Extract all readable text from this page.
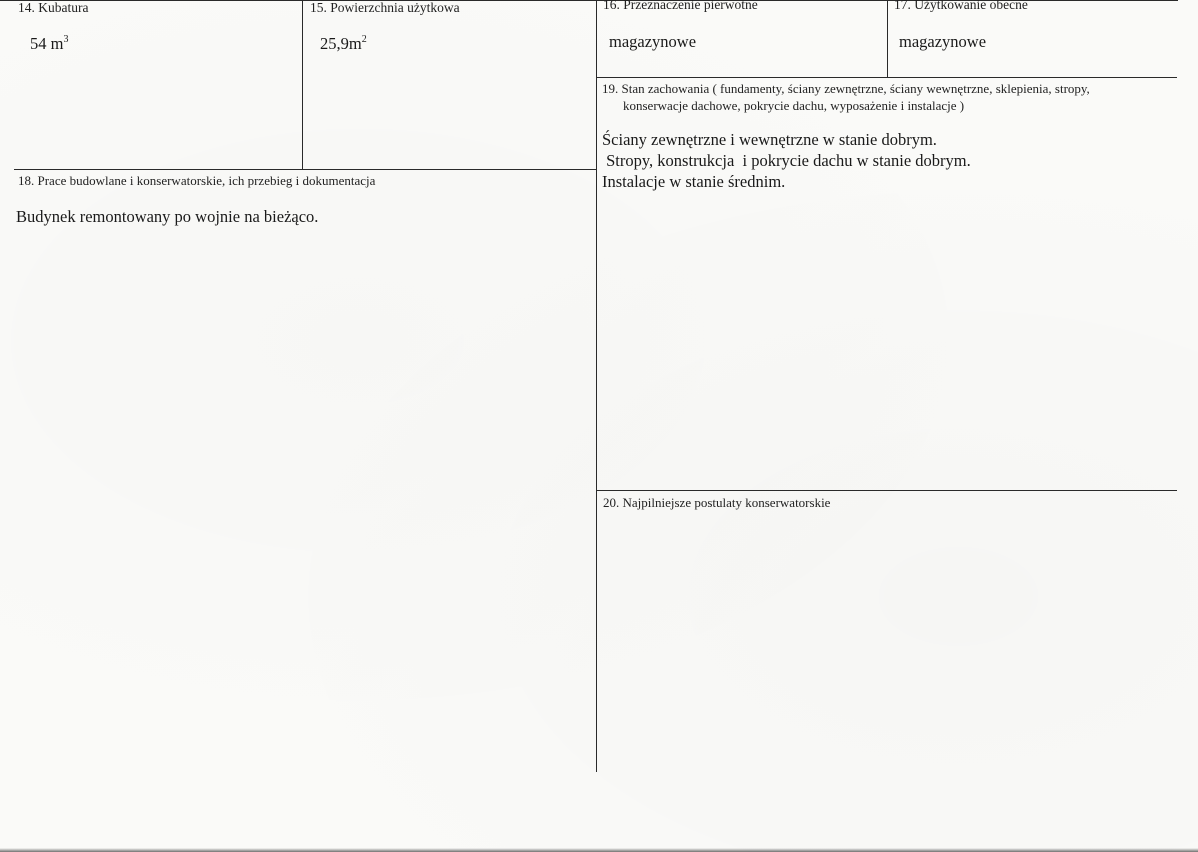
14. Kubatura
54 $m^3$
15. Powierzchnia użytkowa
$25,9m^2$
16. Przeznaczenie pierwotne
magazynowe
17. Użytkowanie obecne
magazynowe
19. Stan zachowania ( fundamenty, ściany zewnętrzne, ściany wewnętrzne, sklepienia, stropy,
konserwacje dachowe, pokrycie dachu, wyposażenie i instalacje )
Ściany zewnętrzne i wewnętrzne w stanie dobrym.
Stropy, konstrukcja  i pokrycie dachu w stanie dobrym.
Instalacje w stanie średnim.
18. Prace budowlane i konserwatorskie, ich przebieg i dokumentacja
Budynek remontowany po wojnie na bieżąco.
20. Najpilniejsze postulaty konserwatorskie
